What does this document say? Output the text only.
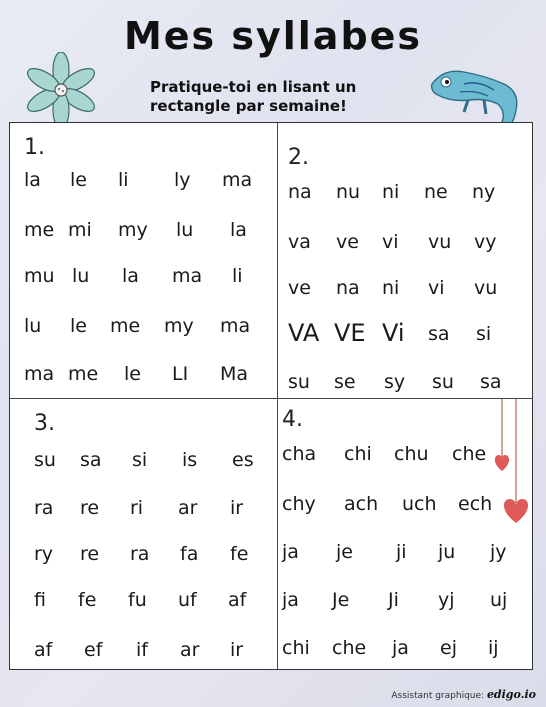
Mes syllabes
Pratique-toi en lisant un
rectangle par semaine!
1.
la le li ly ma
me mi my lu la
mu lu la ma li
lu le me my ma
ma me le LI Ma
2.
na nu ni ne ny
va ve vi vu vy
ve na ni vi vu
VA VE Vi sa si
su se sy su sa
3.
su sa si is es
ra re ri ar ir
ry re ra fa fe
fi fe fu uf af
af ef if ar ir
4.
cha chi chu che
chy ach uch ech
ja je ji ju jy
ja Je Ji yj uj
chi che ja ej ij
Assistant graphique: edigo.io
